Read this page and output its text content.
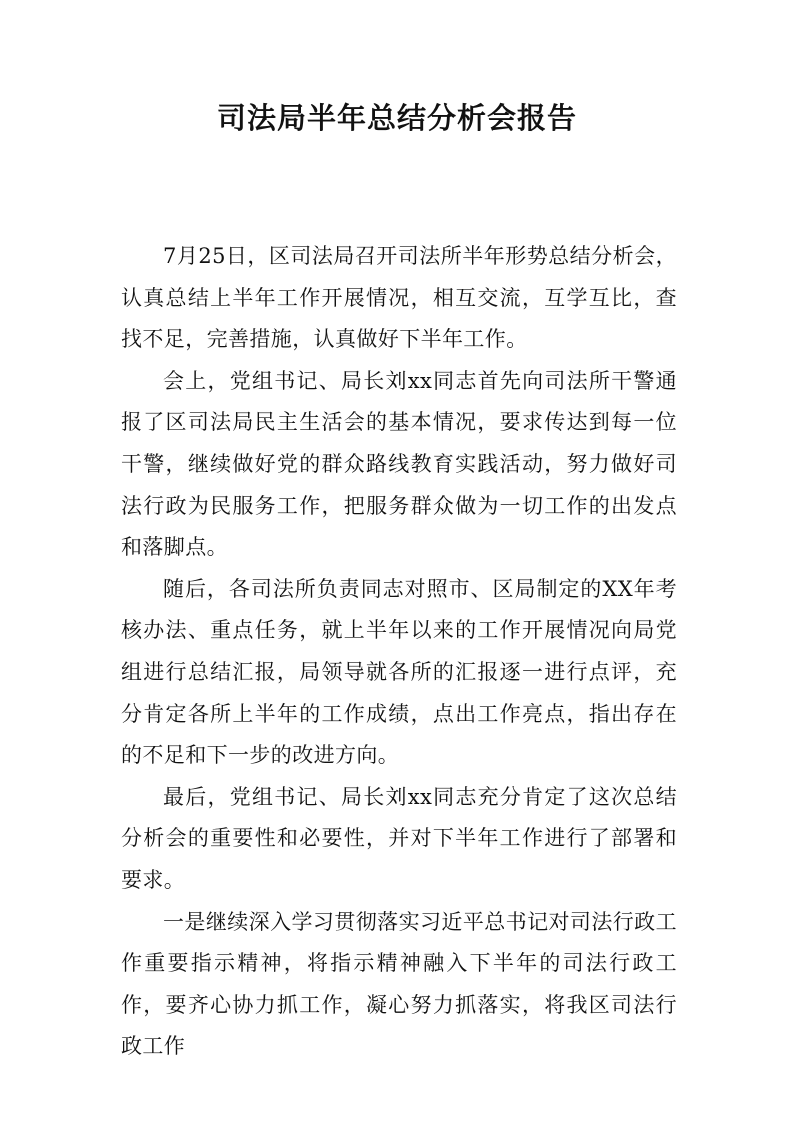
司法局半年总结分析会报告

7月25日，区司法局召开司法所半年形势总结分析会，认真总结上半年工作开展情况，相互交流，互学互比，查找不足，完善措施，认真做好下半年工作。

会上，党组书记、局长刘xx同志首先向司法所干警通报了区司法局民主生活会的基本情况，要求传达到每一位干警，继续做好党的群众路线教育实践活动，努力做好司法行政为民服务工作，把服务群众做为一切工作的出发点和落脚点。

随后，各司法所负责同志对照市、区局制定的XX年考核办法、重点任务，就上半年以来的工作开展情况向局党组进行总结汇报，局领导就各所的汇报逐一进行点评，充分肯定各所上半年的工作成绩，点出工作亮点，指出存在的不足和下一步的改进方向。

最后，党组书记、局长刘xx同志充分肯定了这次总结分析会的重要性和必要性，并对下半年工作进行了部署和要求。

一是继续深入学习贯彻落实习近平总书记对司法行政工作重要指示精神，将指示精神融入下半年的司法行政工作，要齐心协力抓工作，凝心努力抓落实，将我区司法行政工作
